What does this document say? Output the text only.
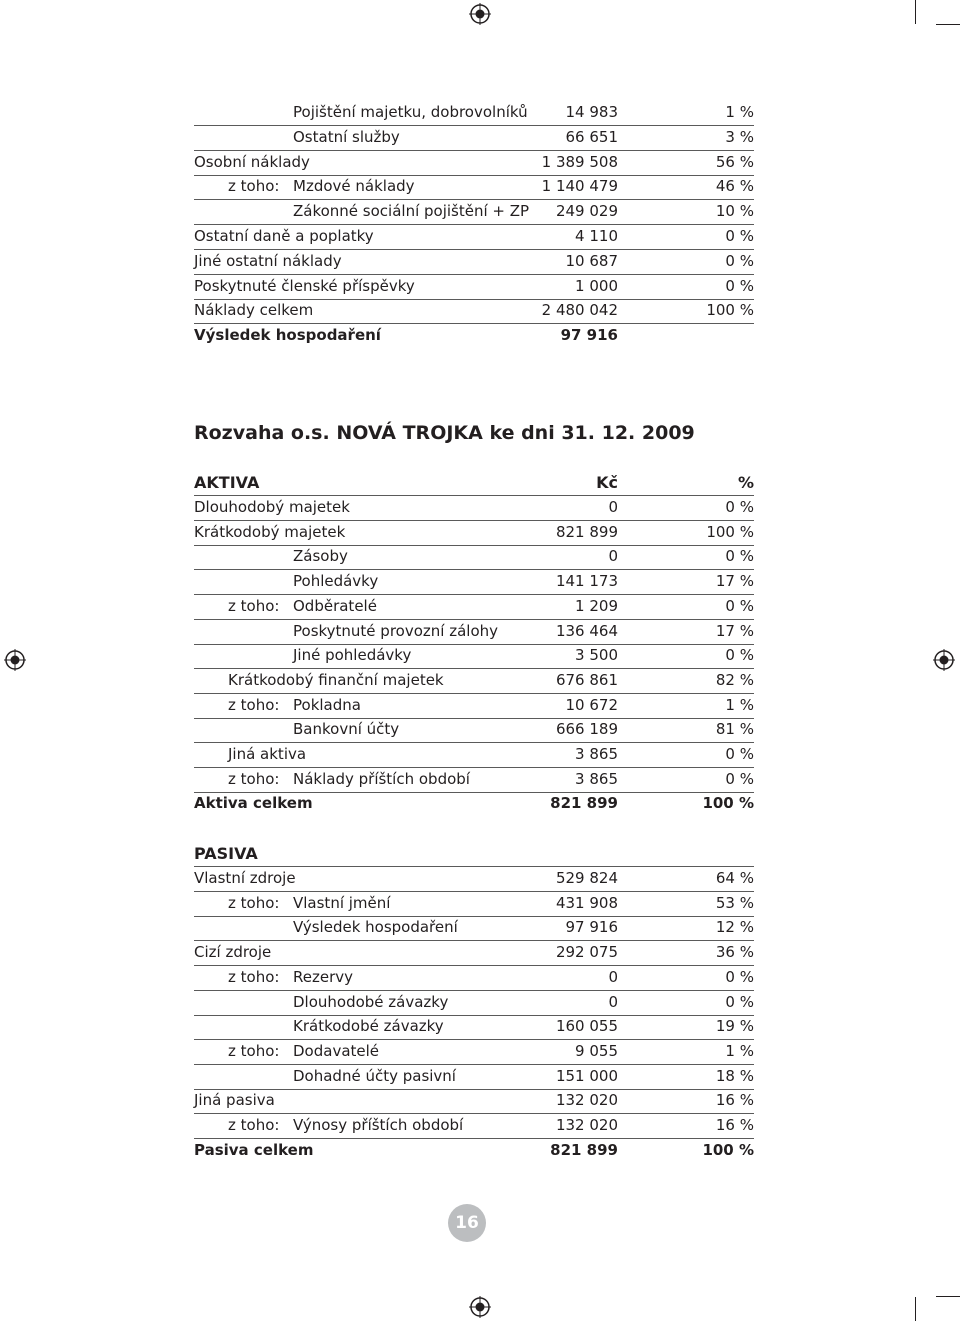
Pojištění majetku, dobrovolníků	14 983	1 %
Ostatní služby	66 651	3 %
Osobní náklady	1 389 508	56 %
z toho: Mzdové náklady	1 140 479	46 %
Zákonné sociální pojištění + ZP 249 029	10 %
Ostatní daně a poplatky	4 110	0 %
Jiné ostatní náklady	10 687	0 %
Poskytnuté členské příspěvky	1 000	0 %
Náklady celkem	2 480 042	100 %
Výsledek hospodaření	97 916
AKTIVA	Kč	%
Dlouhodobý majetek	0	0 %
Krátkodobý majetek	821 899	100 %
Zásoby	0	0 %
Pohledávky	141 173	17 %
z toho: Odběratelé	1 209	0 %
Poskytnuté provozní zálohy	136 464	17 %
Jiné pohledávky	3 500	0 %
Krátkodobý finanční majetek	676 861	82 %
z toho: Pokladna	10 672	1 %
Bankovní účty	666 189	81 %
Jiná aktiva	3 865	0 %
z toho: Náklady příštích období	3 865	0 %
Aktiva celkem	821 899	100 %
PASIVA
Vlastní zdroje	529 824	64 %
z toho: Vlastní jmění	431 908	53 %
Výsledek hospodaření	97 916	12 %
Cizí zdroje	292 075	36 %
z toho: Rezervy	0	0 %
Dlouhodobé závazky	0	0 %
Krátkodobé závazky	160 055	19 %
z toho: Dodavatelé	9 055	1 %
Dohadné účty pasivní	151 000	18 %
Jiná pasiva	132 020	16 %
z toho: Výnosy příštích období	132 020	16 %
Pasiva celkem	821 899	100 %
Rozvaha o.s. NOVÁ TROJKA ke dni 31. 12. 2009
16
